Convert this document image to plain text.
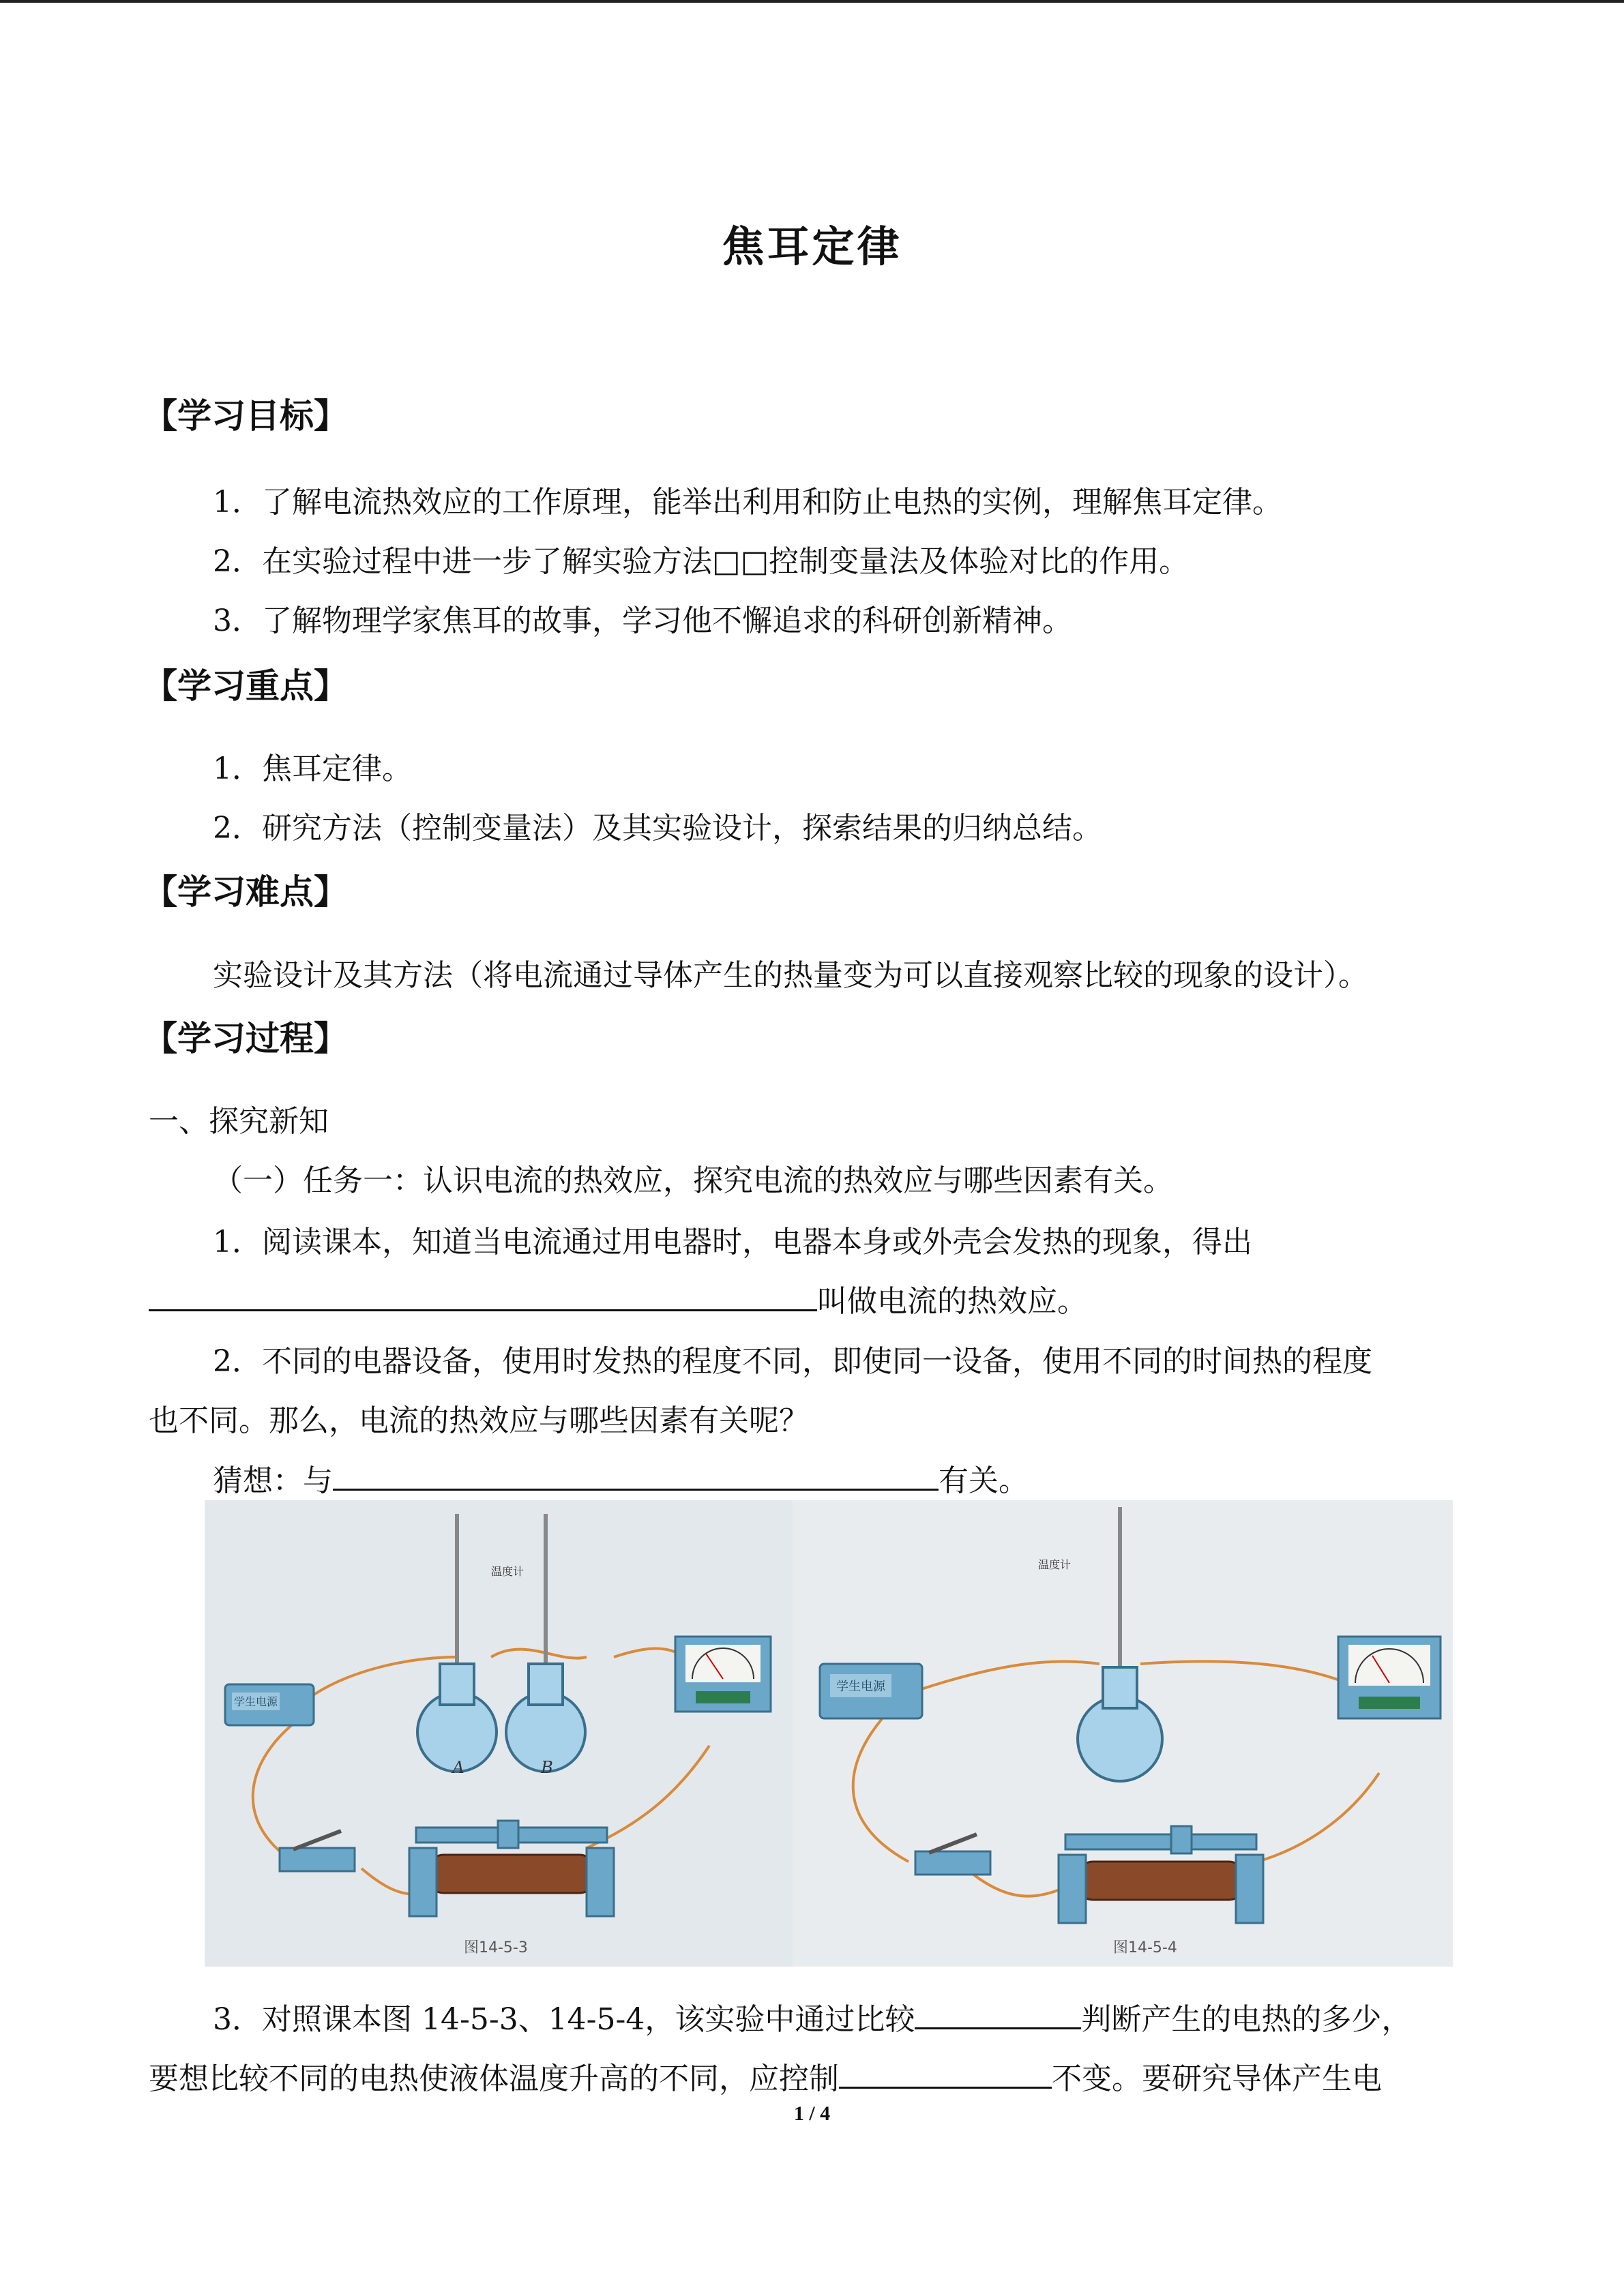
焦耳定律
【学习目标】
1．了解电流热效应的工作原理，能举出利用和防止电热的实例，理解焦耳定律。
2．在实验过程中进一步了解实验方法□□控制变量法及体验对比的作用。
3．了解物理学家焦耳的故事，学习他不懈追求的科研创新精神。
【学习重点】
1．焦耳定律。
2．研究方法（控制变量法）及其实验设计，探索结果的归纳总结。
【学习难点】
实验设计及其方法（将电流通过导体产生的热量变为可以直接观察比较的现象的设计）。
【学习过程】
一、探究新知
（一）任务一：认识电流的热效应，探究电流的热效应与哪些因素有关。
1．阅读课本，知道当电流通过用电器时，电器本身或外壳会发热的现象，得出
叫做电流的热效应。
2．不同的电器设备，使用时发热的程度不同，即使同一设备，使用不同的时间热的程度
也不同。那么，电流的热效应与哪些因素有关呢？
猜想：与	有关。
学生电源
A	B
温度计
图14-5-3
学生电源
温度计
图14-5-4
3．对照课本图 14-5-3、14-5-4，该实验中通过比较	判断产生的电热的多少，
要想比较不同的电热使液体温度升高的不同，应控制	不变。要研究导体产生电
1 / 4
